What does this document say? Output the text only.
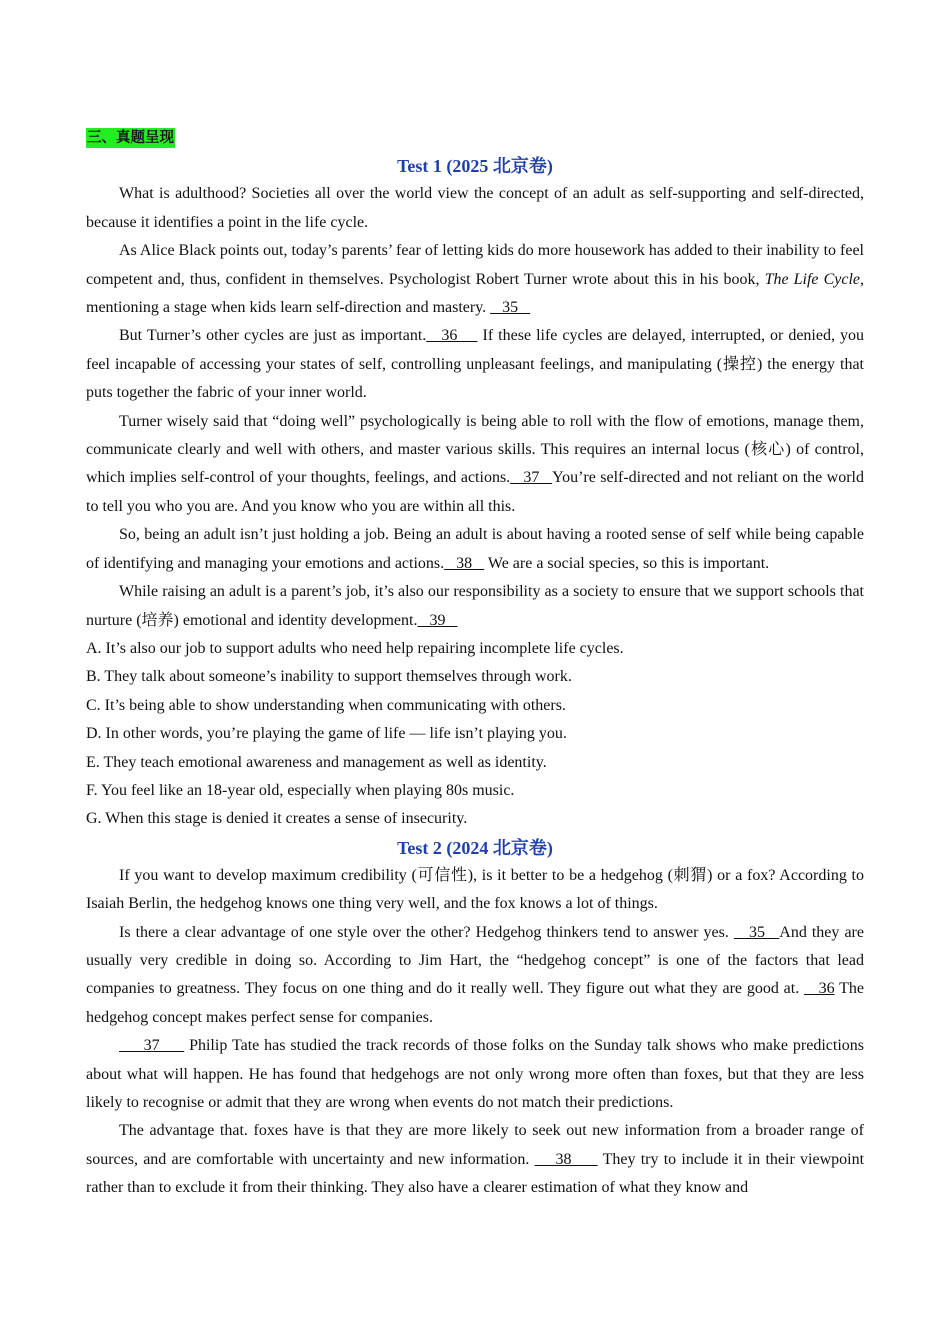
三、真题呈现
Test 1 (2025 北京卷)

What is adulthood? Societies all over the world view the concept of an adult as self-supporting and self-directed, because it identifies a point in the life cycle.

As Alice Black points out, today’s parents’ fear of letting kids do more housework has added to their inability to feel competent and, thus, confident in themselves. Psychologist Robert Turner wrote about this in his book, The Life Cycle, mentioning a stage when kids learn self-direction and mastery.    35

But Turner’s other cycles are just as important.   36     If these life cycles are delayed, interrupted, or denied, you feel incapable of accessing your states of self, controlling unpleasant feelings, and manipulating (操控) the energy that puts together the fabric of your inner world.

Turner wisely said that “doing well” psychologically is being able to roll with the flow of emotions, manage them, communicate clearly and well with others, and master various skills. This requires an internal locus (核心) of control, which implies self-control of your thoughts, feelings, and actions.   37   You’re self-directed and not reliant on the world to tell you who you are. And you know who you are within all this.

So, being an adult isn’t just holding a job. Being an adult is about having a rooted sense of self while being capable of identifying and managing your emotions and actions.   38    We are a social species, so this is important.

While raising an adult is a parent’s job, it’s also our responsibility as a society to ensure that we support schools that nurture (培养) emotional and identity development.   39

A. It’s also our job to support adults who need help repairing incomplete life cycles.

B. They talk about someone’s inability to support themselves through work.

C. It’s being able to show understanding when communicating with others.

D. In other words, you’re playing the game of life — life isn’t playing you.

E. They teach emotional awareness and management as well as identity.

F. You feel like an 18-year old, especially when playing 80s music.

G. When this stage is denied it creates a sense of insecurity.

Test 2 (2024 北京卷)

If you want to develop maximum credibility (可信性), is it better to be a hedgehog (刺猬) or a fox? According to Isaiah Berlin, the hedgehog knows one thing very well, and the fox knows a lot of things.

Is there a clear advantage of one style over the other? Hedgehog thinkers tend to answer yes.    35   And they are usually very credible in doing so. According to Jim Hart, the “hedgehog concept” is one of the factors that lead companies to greatness. They focus on one thing and do it really well. They figure out what they are good at.    36 The hedgehog concept makes perfect sense for companies.

37      Philip Tate has studied the track records of those folks on the Sunday talk shows who make predictions about what will happen. He has found that hedgehogs are not only wrong more often than foxes, but that they are less likely to recognise or admit that they are wrong when events do not match their predictions.

The advantage that. foxes have is that they are more likely to seek out new information from a broader range of sources, and are comfortable with uncertainty and new information.     38      They try to include it in their viewpoint rather than to exclude it from their thinking. They also have a clearer estimation of what they know and
